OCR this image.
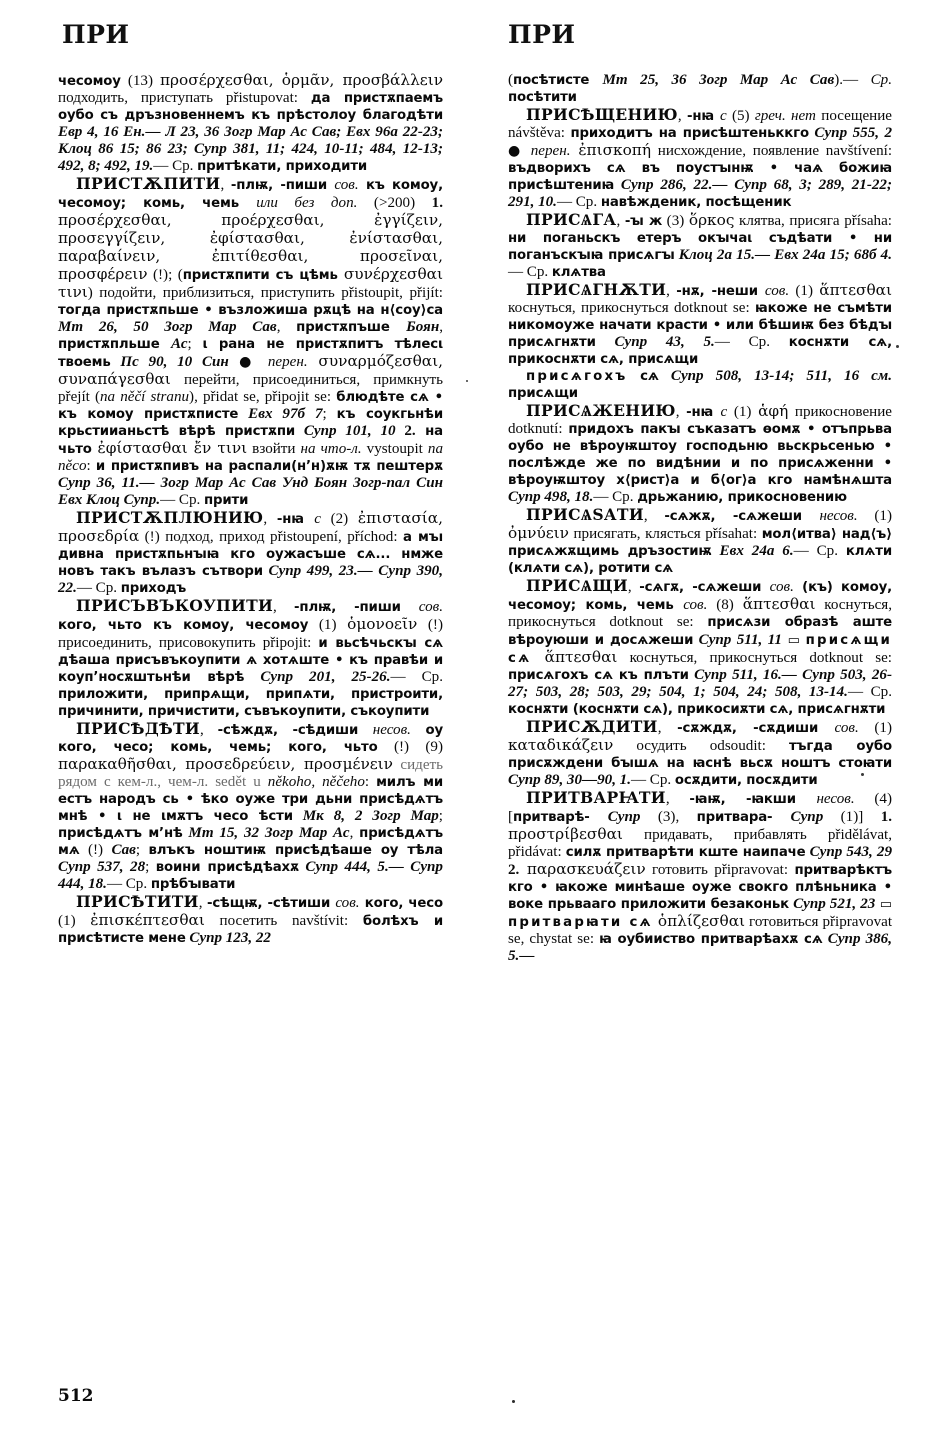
ПРИ	ПРИ

чесомоу (13) προσέρχεσθαι, ὁρμᾶν, προσβάλλειν подходить, приступать přistupovat: да пристѫпаемъ оубо съ дръзновеннемъ къ прѣстолоу благодѣти Евр 4, 16 Ен.— Л 23, 36 Зогр Мар Ас Сав; Евх 96а 22-23; Клоц 86 15; 86 23; Супр 381, 11; 424, 10-11; 484, 12-13; 492, 8; 492, 19.— Ср. притѣкати, приходити

ПРИСТѪПИТИ, -плѭ, -пиши сов. къ комоу, чесомоу; комь, чемь или без доп. (>200) 1. προσέρχεσθαι, προέρχεσθαι, ἐγγίζειν, προσεγγίζειν, ἐφίστασθαι, ἐνίστασθαι, παραβαίνειν, ἐπιτίθεσθαι, προσεῖναι, προσφέρειν (!); (пристѫпити съ цѣмь συνέρχεσθαι τινι) подойти, приблизиться, приступить přistoupit, přijít: тогда пристѫпьше • възложиша рѫцѣ на н⟨соу⟩са Мт 26, 50 Зогр Мар Сав, пристѫпъше Боян, пристѫпльше Ас; ι рана не пристѫпитъ тѣлесι твоемь Пс 90, 10 Син ● перен. συναρμόζεσθαι, συναπάγεσθαι перейти, присоединиться, примкнуть přejít (na něčí stranu), přidat se, připojit se: блюдѣте сѧ • къ комоу пристѫписте Евх 97б 7; къ соукгьнѣи крьстиианьстѣ вѣрѣ пристѫпи Супр 101, 10 2. на чьто ἐφίστασθαι ἔν τινι взойти на что-л. vystoupit na něco: и пристѫпивъ на распали(н’н)ѫѭ тѫ пештерѫ Супр 36, 11.— Зогр Мар Ас Сав Унд Боян Зогр-пал Син Евх Клоц Супр.— Ср. прити

ПРИСТѪПЛЮНИЮ, -нꙗ с (2) ἐπιστασία, προσεδρία (!) подход, приход přistoupení, příchod: а мъı дивна пристѫпьнꙑꙗ кго оужасъше сѧ... нмже новъ такъ вълазъ сътвори Супр 499, 23.— Супр 390, 22.— Ср. приходъ

ПРИСЪВЪКОУПИТИ, -плѭ, -пиши сов. кого, чьто къ комоу, чесомоу (1) ὁμονοεῖν (!) присоединить, присовокупить připojit: и вьсѣчьскꙑ сѧ дѣаша присъвъкоупити ѧ хотѧште • къ правѣи и коуп’носѫштьнѣи вѣрѣ Супр 201, 25-26.— Ср. приложити, припрѧщи, припѧти, пристроити, причинити, причистити, съвъкоупити, съкоупити

ПРИСѢДѢТИ, -сѣждѫ, -сѣдиши несов. оу кого, чесо; комь, чемь; кого, чьто (!) (9) παρακαθῆσθαι, προσεδρεύειν, προσμένειν сидеть рядом с кем-л., чем-л. sedět u někoho, něčeho: милъ ми естъ народъ сь • ѣко оуже три дьни присѣдѧтъ мнѣ • ι не ιмѫтъ чесо ѣсти Мк 8, 2 Зогр Мар; присѣдѧтъ м’нѣ Мт 15, 32 Зогр Мар Ас, присѣдѧтъ мѧ (!) Сав; влъкъ ноштиѭ присѣдѣаше оу тѣла Супр 537, 28; воини присѣдѣахѫ Супр 444, 5.— Супр 444, 18.— Ср. прѣбꙑвати

ПРИСѢТИТИ, -сѣщѭ, -сѣтиши сов. кого, чесо (1) ἐπισκέπτεσθαι посетить navštívit: болѣхъ и присѣтисте мене Супр 123, 22

(посѣтисте Мт 25, 36 Зогр Мар Ас Сав).— Ср. посѣтити

ПРИСѢЩЕНИЮ, -нꙗ с (5) греч. нет посещение návštěva: приходитъ на присѣштеньккго Супр 555, 2 ● перен. ἐπισκοπή нисхождение, появление navštívení: въдворихъ сѧ въ поустꙑнѭ • чаѧ божиꙗ присѣштениꙗ Супр 286, 22.— Супр 68, 3; 289, 21-22; 291, 10.— Ср. навѣжденик, посѣщеник

ПРИСѦГА, -ꙑ ж (3) ὅρκος клятва, присяга přísaha: ни поганьскъ етеръ окꙑчаι съдѣати • ни поганъскꙑꙗ присѧгꙑ Клоц 2а 15.— Евх 24а 15; 68б 4.— Ср. клѧтва

ПРИСѦГНѪТИ, -нѫ, -неши сов. (1) ἅπτεσθαι коснуться, прикоснуться dotknout se: ꙗкоже не съмѣти никомоуже начати красти • или бѣшиѭ без бѣдꙑ присѧгнѫти Супр 43, 5.— Ср. коснѫти сѧ, прикоснѫти сѧ, присѧщи

присѧгохъ сѧ Супр 508, 13-14; 511, 16 см. присѧщи

ПРИСѦЖЕНИЮ, -нꙗ с (1) ἁφή прикосновение dotknutí: придохъ пакꙑ съказатъ ѳомѫ • отъпрьва оубо не вѣроуѭштоу господьню вьскрьсенью • послѣжде же по видѣнии и по присѧженни • вѣроуѭштоу х⟨рист⟩а и б⟨ог⟩а кго намѣнѧшта Супр 498, 18.— Ср. дрьжанию, прикосновению

ПРИСѦЅАТИ, -сѧжѫ, -сѧжеши несов. (1) ὀμνύειν присягать, клясться přísahat: мол⟨итва⟩ над⟨ъ⟩ присѧжѫщимь дръзостиѭ Евх 24а 6.— Ср. клѧти (клѧти сѧ), ротити сѧ

ПРИСѦЩИ, -сѧгѫ, -сѧжеши сов. (къ) комоу, чесомоу; комь, чемь сов. (8) ἅπτεσθαι коснуться, прикоснуться dotknout se: присѧзи образѣ аште вѣроуюши и досѧжеши Супр 511, 11 ▭ присѧщи сѧ ἅπτεσθαι коснуться, прикоснуться dotknout se: присѧгохъ сѧ къ плъти Супр 511, 16.— Супр 503, 26-27; 503, 28; 503, 29; 504, 1; 504, 24; 508, 13-14.— Ср. коснѫти (коснѫти сѧ), прикосиѫти сѧ, присѧгнѫти

ПРИСѪДИТИ, -сѫждѫ, -сѫдиши сов. (1) καταδικάζειν осудить odsoudit: тъгда оубо присѫждени бꙑшѧ на ꙗснѣ вьсѫ ноштъ стоꙗти Супр 89, 30—90, 1.— Ср. осѫдити, посѫдити

ПРИТВАРꙖТИ, -ꙗѭ, -ꙗкши несов. (4) [притварѣ- Супр (3), притвара- Супр (1)] 1. προστρίβεσθαι придавать, прибавлять přidělávat, přidávat: силѫ притварѣти кште наипаче Супр 543, 29 2. παρασκευάζειν готовить připravovat: притварѣктъ кго • ꙗкоже минѣаше оуже свокго плѣньника • воке прьвааго приложити безаконьк Супр 521, 23 ▭ притварꙗти сѧ ὁπλίζεσθαι готовиться připravovat se, chystat se: ꙗ оубииство притварѣахѫ сѧ Супр 386, 5.—

512
